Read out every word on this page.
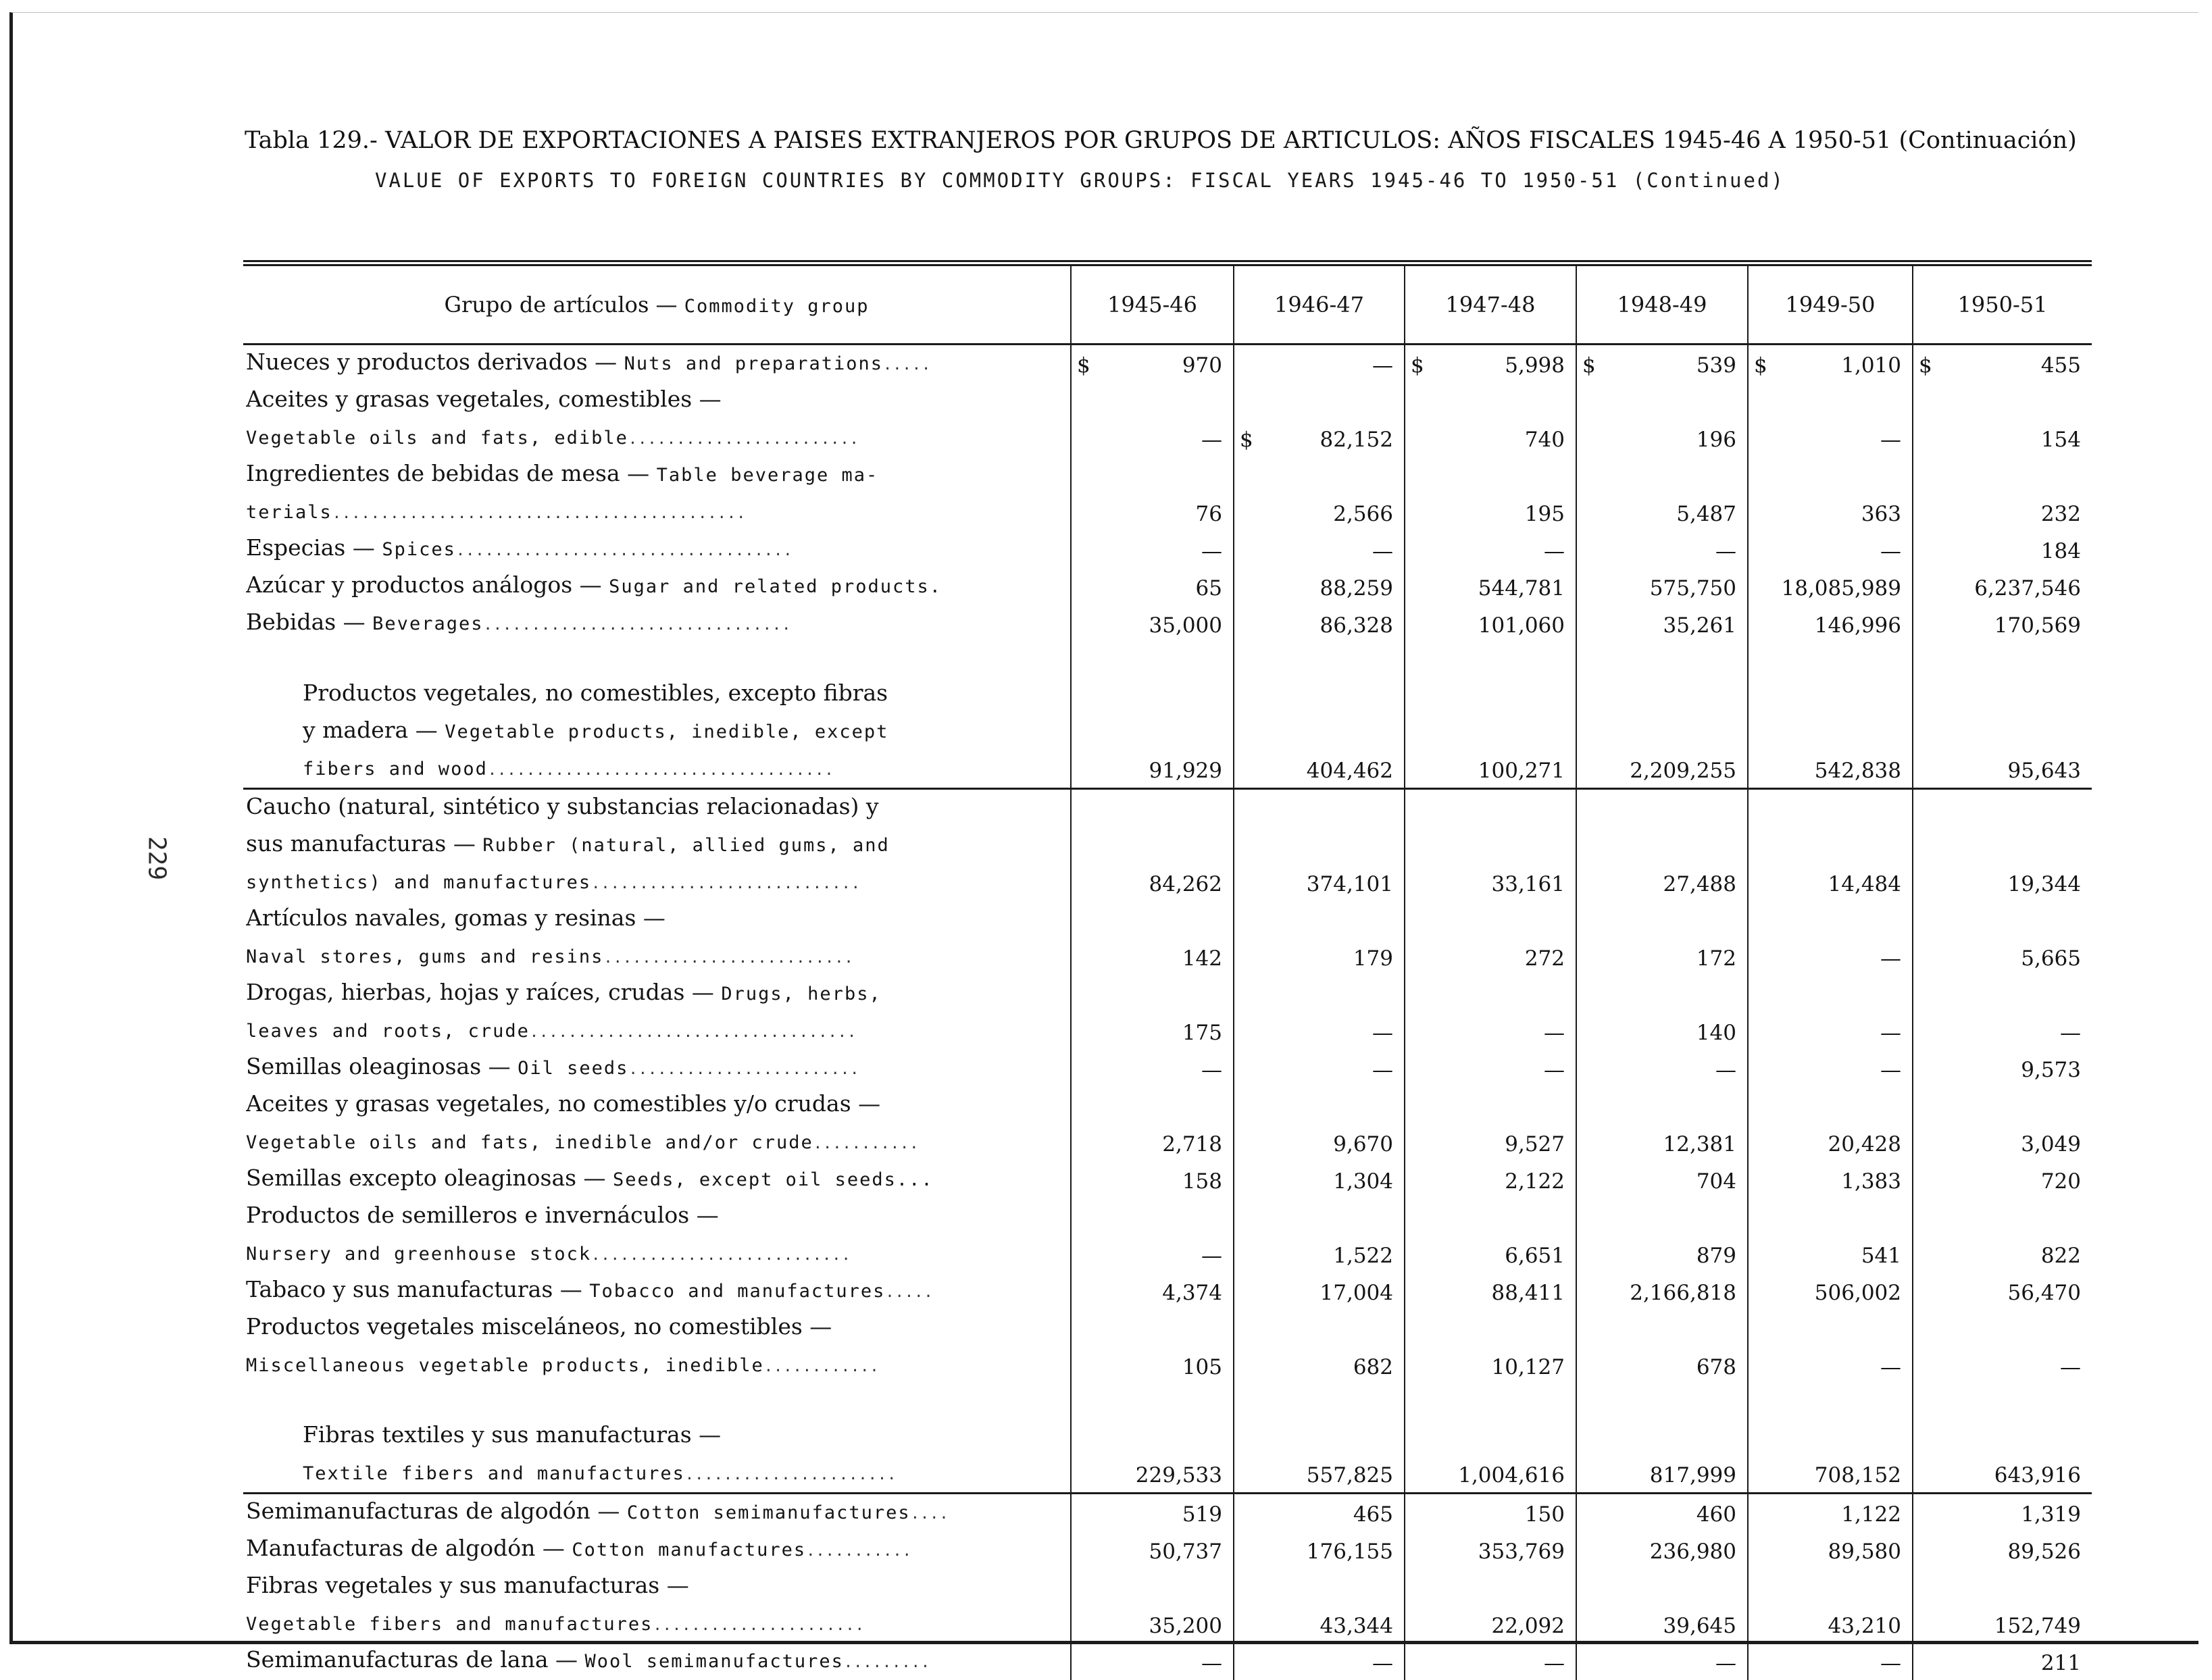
229
Tabla 129.- VALOR DE EXPORTACIONES A PAISES EXTRANJEROS POR GRUPOS DE ARTICULOS: AÑOS FISCALES 1945-46 A 1950-51 (Continuación)
VALUE OF EXPORTS TO FOREIGN COUNTRIES BY COMMODITY GROUPS: FISCAL YEARS 1945-46 TO 1950-51 (Continued)
Grupo de artículos — Commodity group	1945-46	1946-47	1947-48	1948-49	1949-50	1950-51

Nueces y productos derivados — Nuts and preparations.....	$ 970	—	$ 5,998	$ 539	$ 1,010	$ 455

Aceites y grasas vegetales, comestibles —						

Vegetable oils and fats, edible........................	—	$ 82,152	740	196	—	154

Ingredientes de bebidas de mesa — Table beverage ma-						

terials...........................................	76	2,566	195	5,487	363	232

Especias — Spices...................................	—	—	—	—	—	184

Azúcar y productos análogos — Sugar and related products.	65	88,259	544,781	575,750	18,085,989	6,237,546

Bebidas — Beverages................................	35,000	86,328	101,060	35,261	146,996	170,569

Productos vegetales, no comestibles, excepto fibras						

y madera — Vegetable products, inedible, except						

fibers and wood....................................	91,929	404,462	100,271	2,209,255	542,838	95,643

Caucho (natural, sintético y substancias relacionadas) y						

sus manufacturas — Rubber (natural, allied gums, and						

synthetics) and manufactures............................	84,262	374,101	33,161	27,488	14,484	19,344

Artículos navales, gomas y resinas —						

Naval stores, gums and resins..........................	142	179	272	172	—	5,665

Drogas, hierbas, hojas y raíces, crudas — Drugs, herbs,						

leaves and roots, crude..................................	175	—	—	140	—	—

Semillas oleaginosas — Oil seeds........................	—	—	—	—	—	9,573

Aceites y grasas vegetales, no comestibles y/o crudas —						

Vegetable oils and fats, inedible and/or crude...........	2,718	9,670	9,527	12,381	20,428	3,049

Semillas excepto oleaginosas — Seeds, except oil seeds...	158	1,304	2,122	704	1,383	720

Productos de semilleros e invernáculos —						

Nursery and greenhouse stock...........................	—	1,522	6,651	879	541	822

Tabaco y sus manufacturas — Tobacco and manufactures.....	4,374	17,004	88,411	2,166,818	506,002	56,470

Productos vegetales misceláneos, no comestibles —						

Miscellaneous vegetable products, inedible............	105	682	10,127	678	—	—

Fibras textiles y sus manufacturas —						

Textile fibers and manufactures......................	229,533	557,825	1,004,616	817,999	708,152	643,916

Semimanufacturas de algodón — Cotton semimanufactures....	519	465	150	460	1,122	1,319

Manufacturas de algodón — Cotton manufactures...........	50,737	176,155	353,769	236,980	89,580	89,526

Fibras vegetales y sus manufacturas —						

Vegetable fibers and manufactures......................	35,200	43,344	22,092	39,645	43,210	152,749

Semimanufacturas de lana — Wool semimanufactures.........	—	—	—	—	—	211
